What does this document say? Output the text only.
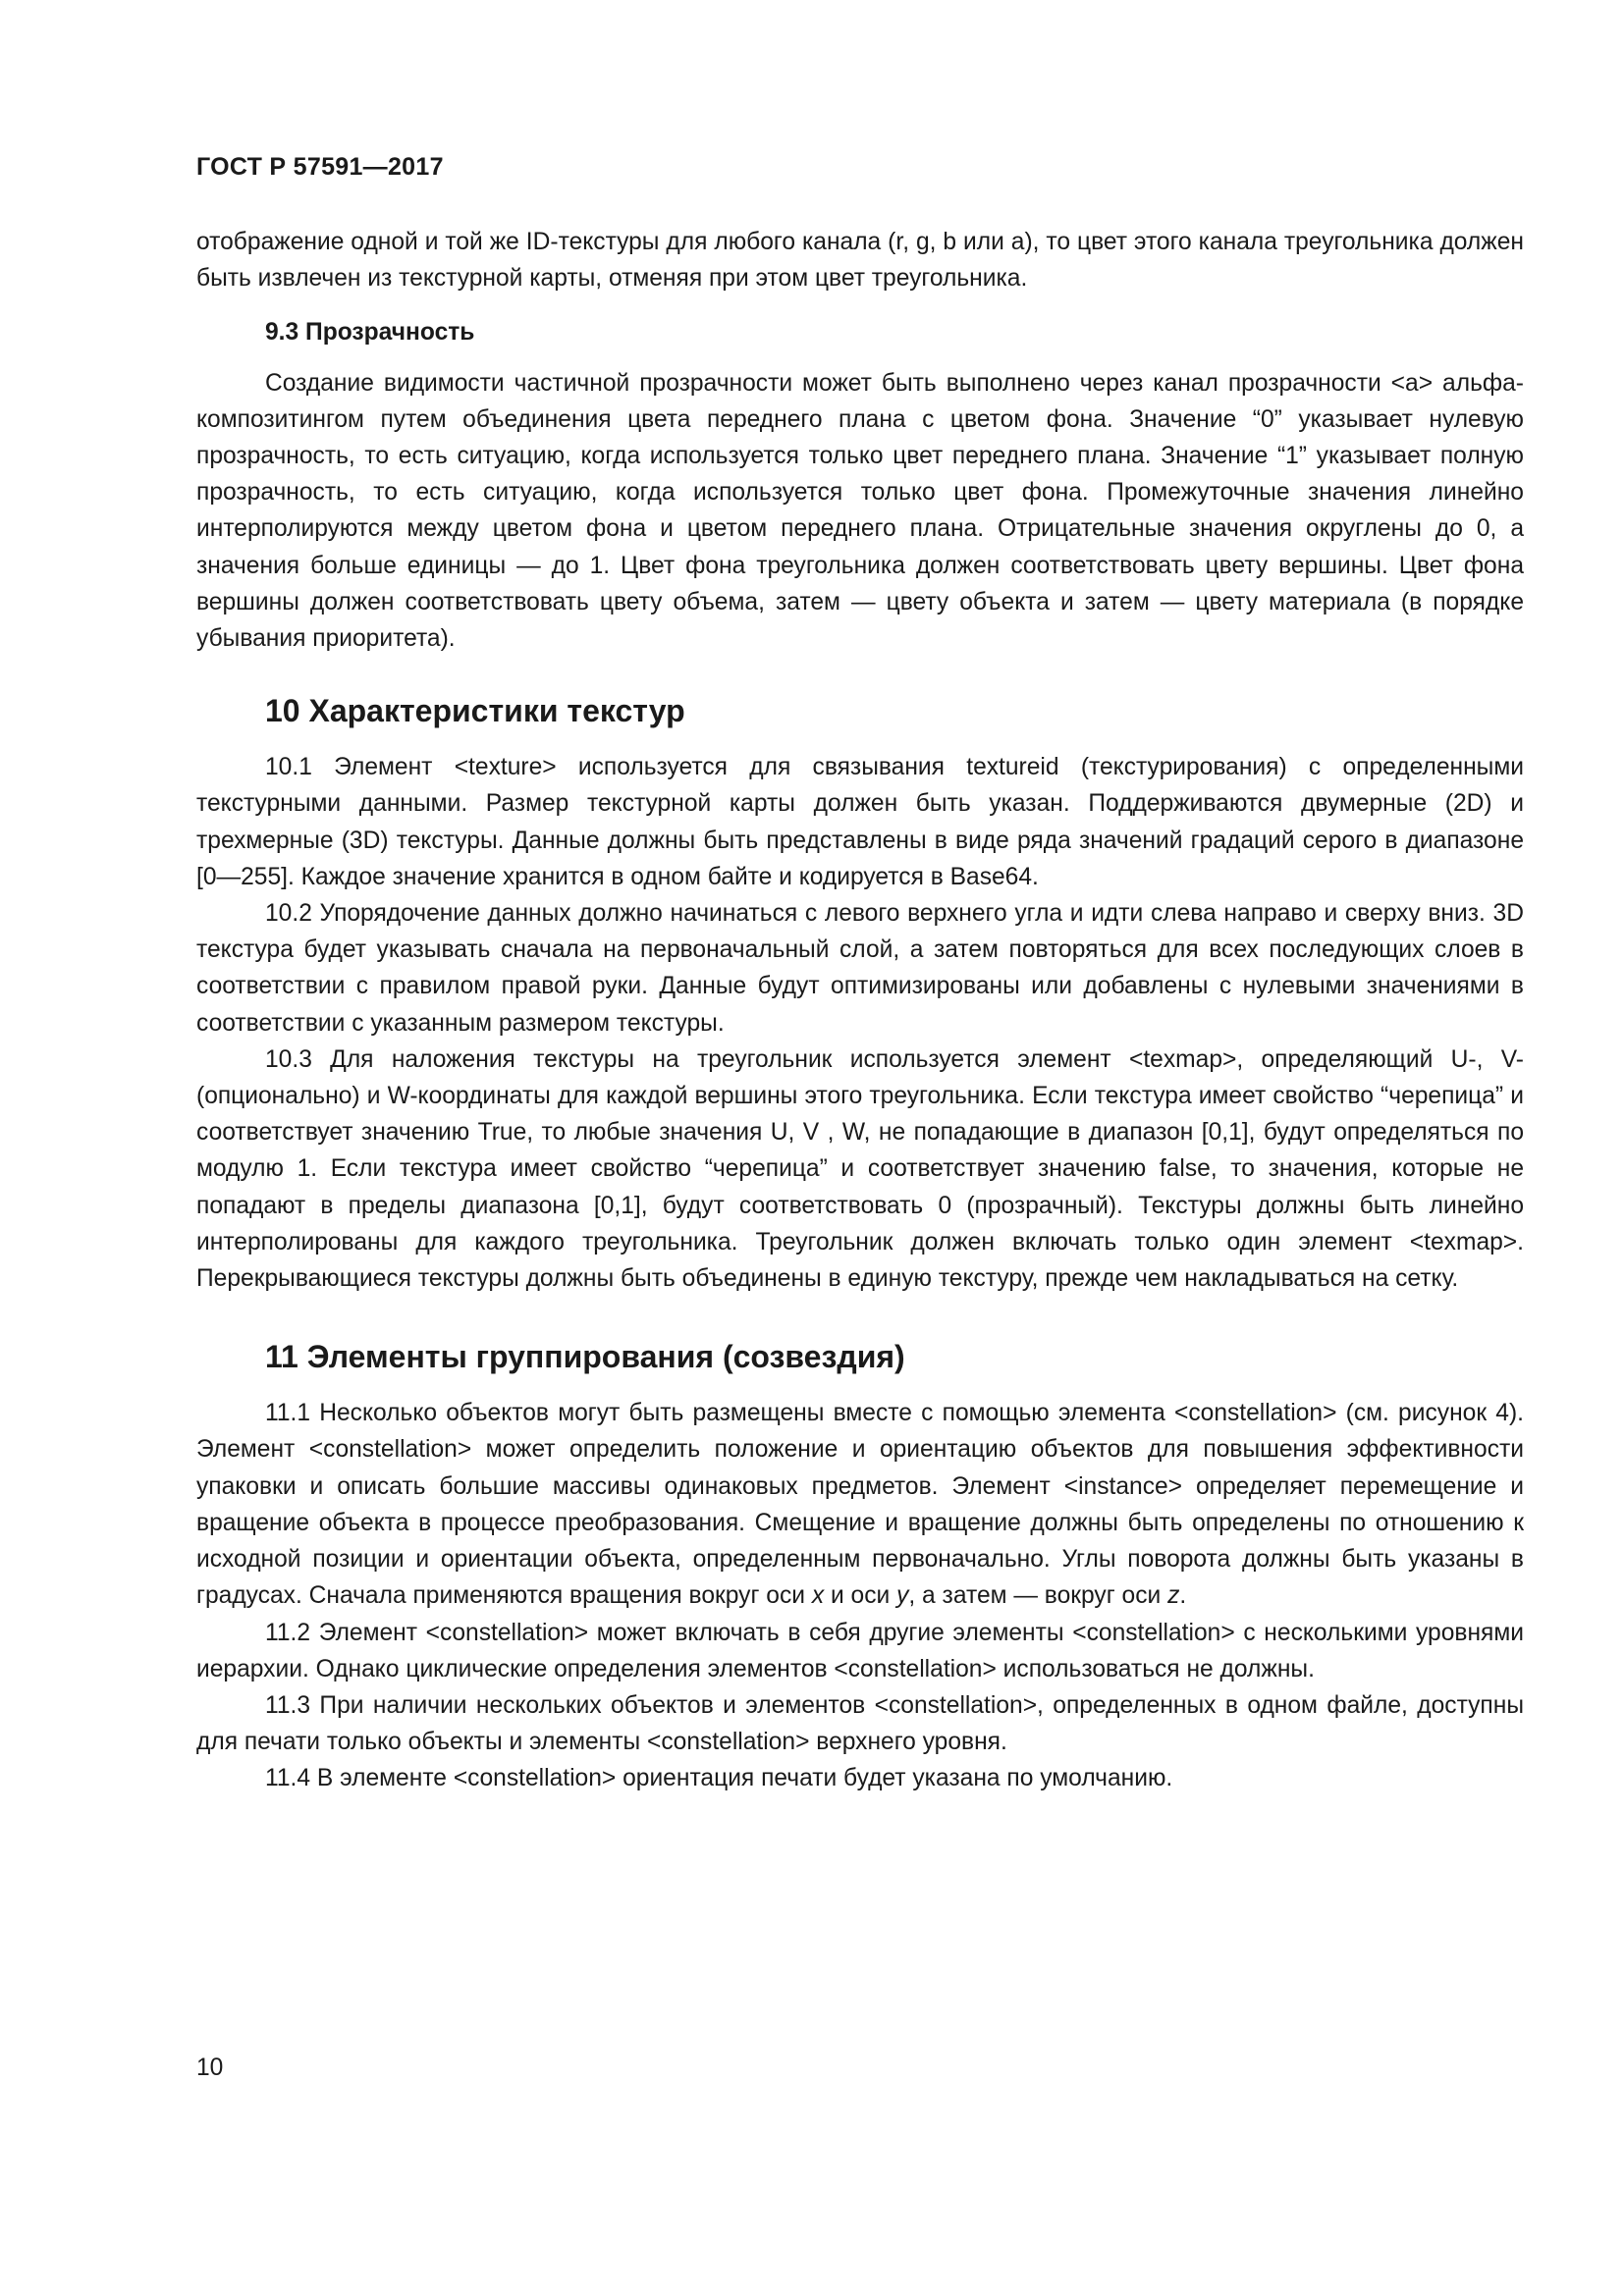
ГОСТ Р 57591—2017

отображение одной и той же ID-текстуры для любого канала (r, g, b или a), то цвет этого канала треугольника должен быть извлечен из текстурной карты, отменяя при этом цвет треугольника.

9.3 Прозрачность

Создание видимости частичной прозрачности может быть выполнено через канал прозрачности <a> альфа-композитингом путем объединения цвета переднего плана с цветом фона. Значение “0” указывает нулевую прозрачность, то есть ситуацию, когда используется только цвет переднего плана. Значение “1” указывает полную прозрачность, то есть ситуацию, когда используется только цвет фона. Промежуточные значения линейно интерполируются между цветом фона и цветом переднего плана. Отрицательные значения округлены до 0, а значения больше единицы — до 1. Цвет фона треугольника должен соответствовать цвету вершины. Цвет фона вершины должен соответствовать цвету объема, затем — цвету объекта и затем — цвету материала (в порядке убывания приоритета).

10 Характеристики текстур

10.1 Элемент <texture> используется для связывания textureid (текстурирования) с определенными текстурными данными. Размер текстурной карты должен быть указан. Поддерживаются двумерные (2D) и трехмерные (3D) текстуры. Данные должны быть представлены в виде ряда значений градаций серого в диапазоне [0—255]. Каждое значение хранится в одном байте и кодируется в Base64.

10.2 Упорядочение данных должно начинаться с левого верхнего угла и идти слева направо и сверху вниз. 3D текстура будет указывать сначала на первоначальный слой, а затем повторяться для всех последующих слоев в соответствии с правилом правой руки. Данные будут оптимизированы или добавлены с нулевыми значениями в соответствии с указанным размером текстуры.

10.3 Для наложения текстуры на треугольник используется элемент <texmap>, определяющий U-, V- (опционально) и W-координаты для каждой вершины этого треугольника. Если текстура имеет свойство “черепица” и соответствует значению True, то любые значения U, V , W, не попадающие в диапазон [0,1], будут определяться по модулю 1. Если текстура имеет свойство “черепица” и соответствует значению false, то значения, которые не попадают в пределы диапазона [0,1], будут соответствовать 0 (прозрачный). Текстуры должны быть линейно интерполированы для каждого треугольника. Треугольник должен включать только один элемент <texmap>. Перекрывающиеся текстуры должны быть объединены в единую текстуру, прежде чем накладываться на сетку.

11 Элементы группирования (созвездия)

11.1 Несколько объектов могут быть размещены вместе с помощью элемента <constellation> (см. рисунок 4). Элемент <constellation> может определить положение и ориентацию объектов для повышения эффективности упаковки и описать большие массивы одинаковых предметов. Элемент <instance> определяет перемещение и вращение объекта в процессе преобразования. Смещение и вращение должны быть определены по отношению к исходной позиции и ориентации объекта, определенным первоначально. Углы поворота должны быть указаны в градусах. Сначала применяются вращения вокруг оси x и оси y, а затем — вокруг оси z.

11.2 Элемент <constellation> может включать в себя другие элементы <constellation> с несколькими уровнями иерархии. Однако циклические определения элементов <constellation> использоваться не должны.

11.3 При наличии нескольких объектов и элементов <constellation>, определенных в одном файле, доступны для печати только объекты и элементы <constellation> верхнего уровня.

11.4 В элементе <constellation> ориентация печати будет указана по умолчанию.

10
